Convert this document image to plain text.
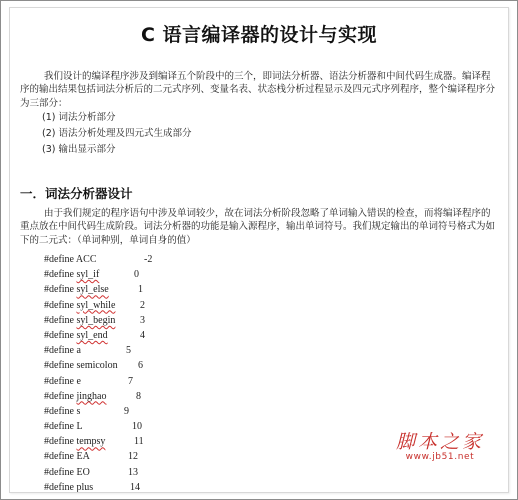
C 语言编译器的设计与实现
我们设计的编译程序涉及到编译五个阶段中的三个，即词法分析器、语法分析器和中间代码生成器。编译程序的输出结果包括词法分析后的二元式序列、变量名表、状态栈分析过程显示及四元式序列程序，整个编译程序分为三部分：
(1) 词法分析部分
(2) 语法分析处理及四元式生成部分
(3) 输出显示部分
一．词法分析器设计
由于我们规定的程序语句中涉及单词较少，故在词法分析阶段忽略了单词输入错误的检查，而将编译程序的重点放在中间代码生成阶段。词法分析器的功能是输入源程序，输出单词符号。我们规定输出的单词符号格式为如下的二元式：（单词种别，单词自身的值）
#define ACC	-2
#define syl_if	0
#define syl_else	1
#define syl_while 2
#define syl_begin 3
#define syl_end	4
#define a	5
#define semicolon 6
#define e	7
#define jinghao	8
#define s	9
#define L	10
#define tempsy	11
#define EA	12
#define EO	13
#define plus	14
脚本之家
www.jb51.net
